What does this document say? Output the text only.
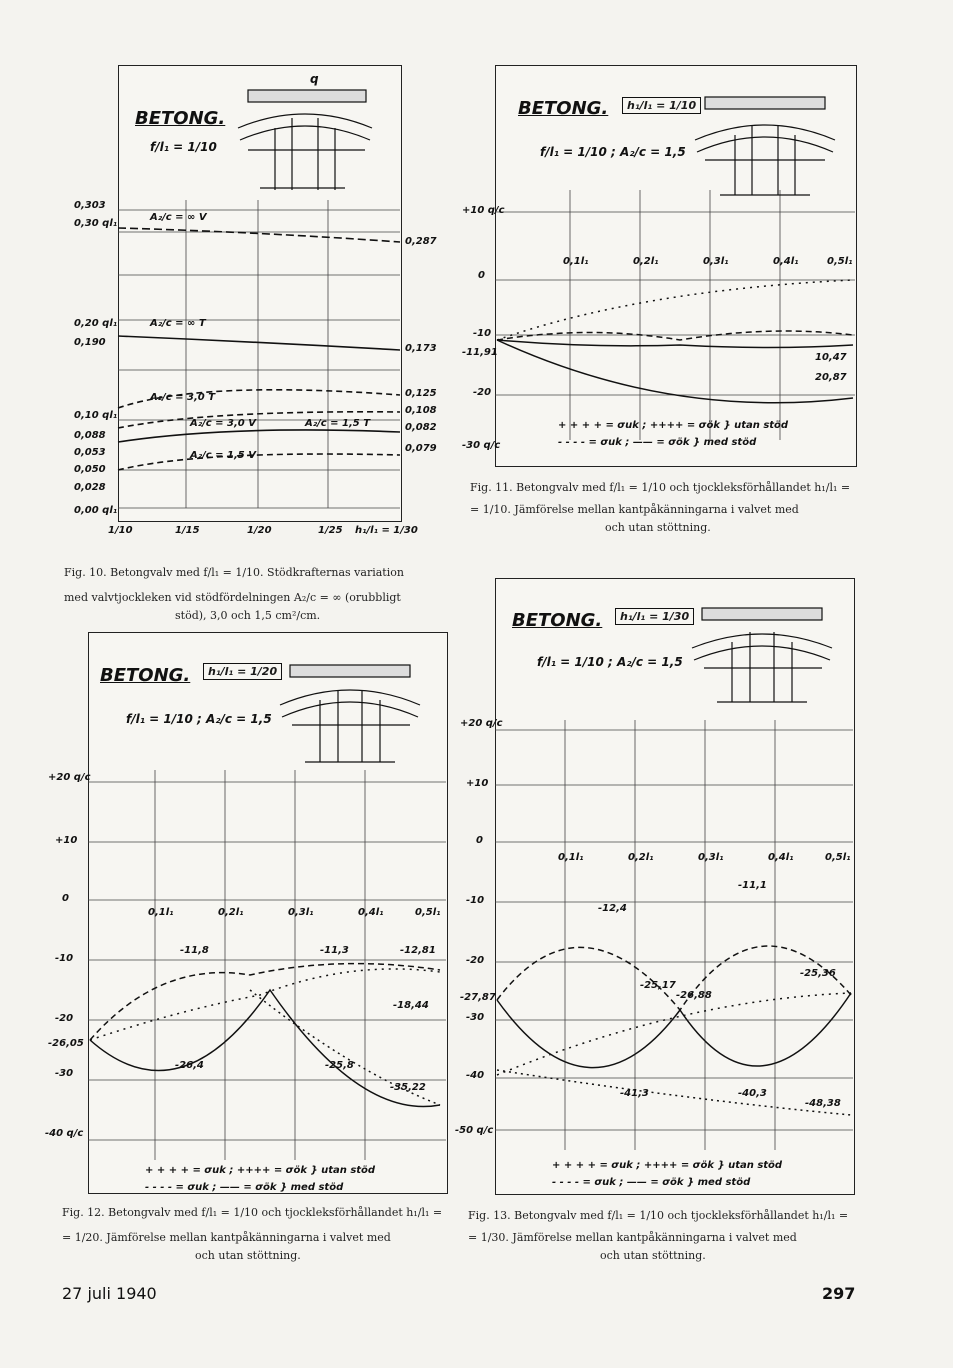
BETONG.
f/l₁ = 1/10
q
0,303
0,30 ql₁
0,20 ql₁
0,190
0,10 ql₁
0,088
0,053
0,050
0,028
0,00 ql₁
0,287
0,173
0,125
0,108
0,082
0,079
A₂/c = ∞ V
A₂/c = ∞ T
A₂/c = 3,0 T
A₂/c = 3,0 V
A₂/c = 1,5 V
A₂/c = 1,5 T
1/10	1/15	1/20	1/25 h₁/l₁ = 1/30
Fig. 10. Betongvalv med f/l₁ = 1/10. Stödkrafternas variation
med valvtjockleken vid stödfördelningen A₂/c = ∞ (orubbligt
stöd), 3,0 och 1,5 cm²/cm.
BETONG.	h₁/l₁ = 1/10
f/l₁ = 1/10 ; A₂/c = 1,5
+10 q/c
0
-10
-11,91
-20
-30 q/c
0,1l₁	0,2l₁	0,3l₁	0,4l₁	0,5l₁
10,47
20,87
+ + + + = σuk ; ++++ = σök } utan stöd
- - - - = σuk ; —— = σök } med stöd
Fig. 11. Betongvalv med f/l₁ = 1/10 och tjockleksförhållandet h₁/l₁ =
= 1/10. Jämförelse mellan kantpåkänningarna i valvet med
och utan stöttning.
BETONG.	h₁/l₁ = 1/20
f/l₁ = 1/10 ; A₂/c = 1,5
+20 q/c
+10
0
-10
-20
-26,05
-30
-40 q/c
0,1l₁	0,2l₁	0,3l₁	0,4l₁	0,5l₁
-11,8	-11,3	-12,81
-18,44
-26,4	-25,8
-35,22
+ + + + = σuk ; ++++ = σök } utan stöd
- - - - = σuk ; —— = σök } med stöd
Fig. 12. Betongvalv med f/l₁ = 1/10 och tjockleksförhållandet h₁/l₁ =
= 1/20. Jämförelse mellan kantpåkänningarna i valvet med
och utan stöttning.
BETONG.	h₁/l₁ = 1/30
f/l₁ = 1/10 ; A₂/c = 1,5
+20 q/c
+10
0
-10
-20
-27,87
-30
-40
-50 q/c
0,1l₁	0,2l₁	0,3l₁	0,4l₁	0,5l₁
-11,1
-12,4
-25,17
-26,88
-25,36
-41,3	-40,3
-48,38
+ + + + = σuk ; ++++ = σök } utan stöd
- - - - = σuk ; —— = σök } med stöd
Fig. 13. Betongvalv med f/l₁ = 1/10 och tjockleksförhållandet h₁/l₁ =
= 1/30. Jämförelse mellan kantpåkänningarna i valvet med
och utan stöttning.
27 juli 1940	297
